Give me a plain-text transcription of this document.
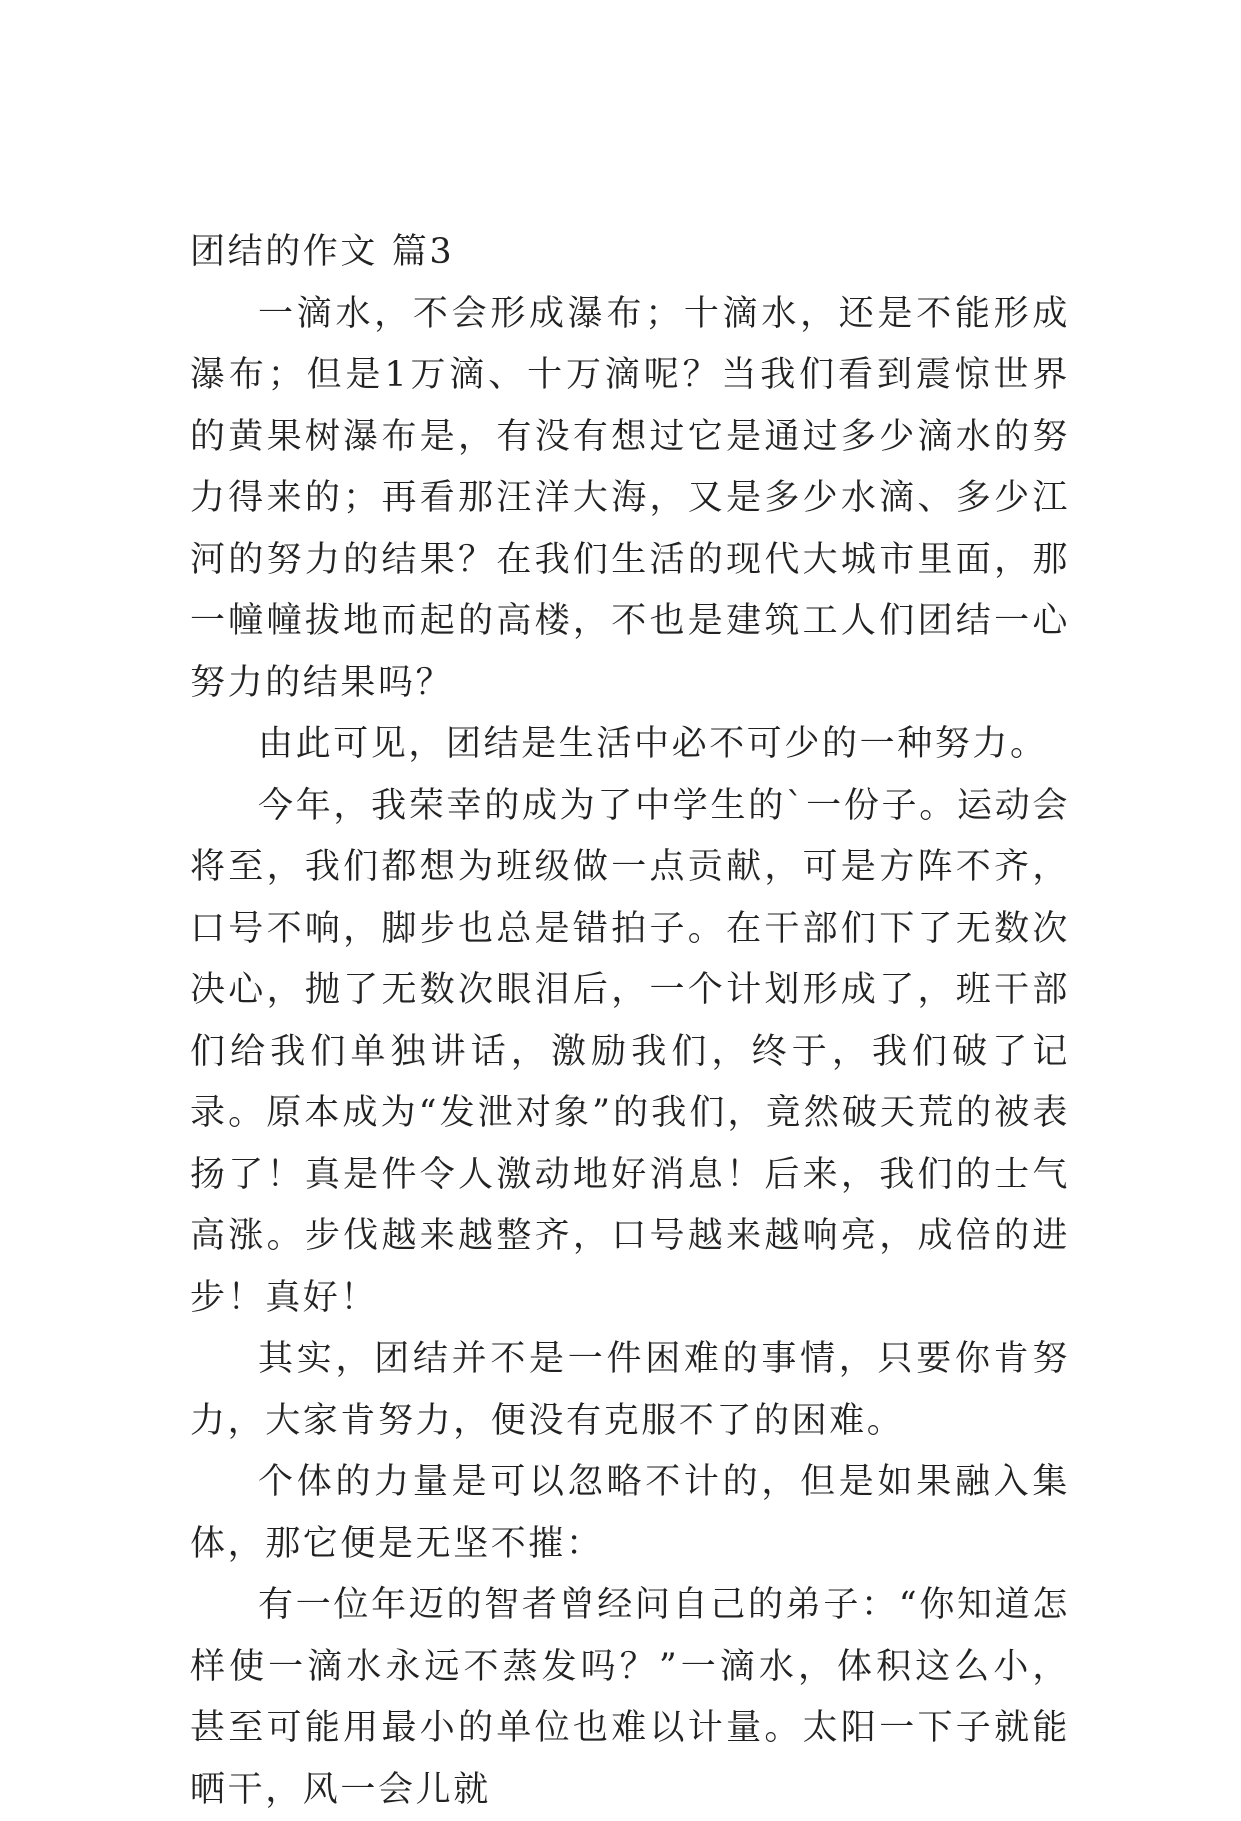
团结的作文 篇3

一滴水，不会形成瀑布；十滴水，还是不能形成瀑布；但是1万滴、十万滴呢？当我们看到震惊世界的黄果树瀑布是，有没有想过它是通过多少滴水的努力得来的；再看那汪洋大海，又是多少水滴、多少江河的努力的结果？在我们生活的现代大城市里面，那一幢幢拔地而起的高楼，不也是建筑工人们团结一心努力的结果吗？

由此可见，团结是生活中必不可少的一种努力。

今年，我荣幸的成为了中学生的`一份子。运动会将至，我们都想为班级做一点贡献，可是方阵不齐，口号不响，脚步也总是错拍子。在干部们下了无数次决心，抛了无数次眼泪后，一个计划形成了，班干部们给我们单独讲话，激励我们，终于，我们破了记录。原本成为“发泄对象”的我们，竟然破天荒的被表扬了！真是件令人激动地好消息！后来，我们的士气高涨。步伐越来越整齐，口号越来越响亮，成倍的进步！真好！

其实，团结并不是一件困难的事情，只要你肯努力，大家肯努力，便没有克服不了的困难。

个体的力量是可以忽略不计的，但是如果融入集体，那它便是无坚不摧：

有一位年迈的智者曾经问自己的弟子：“你知道怎样使一滴水永远不蒸发吗？”一滴水，体积这么小，甚至可能用最小的单位也难以计量。太阳一下子就能晒干，风一会儿就
